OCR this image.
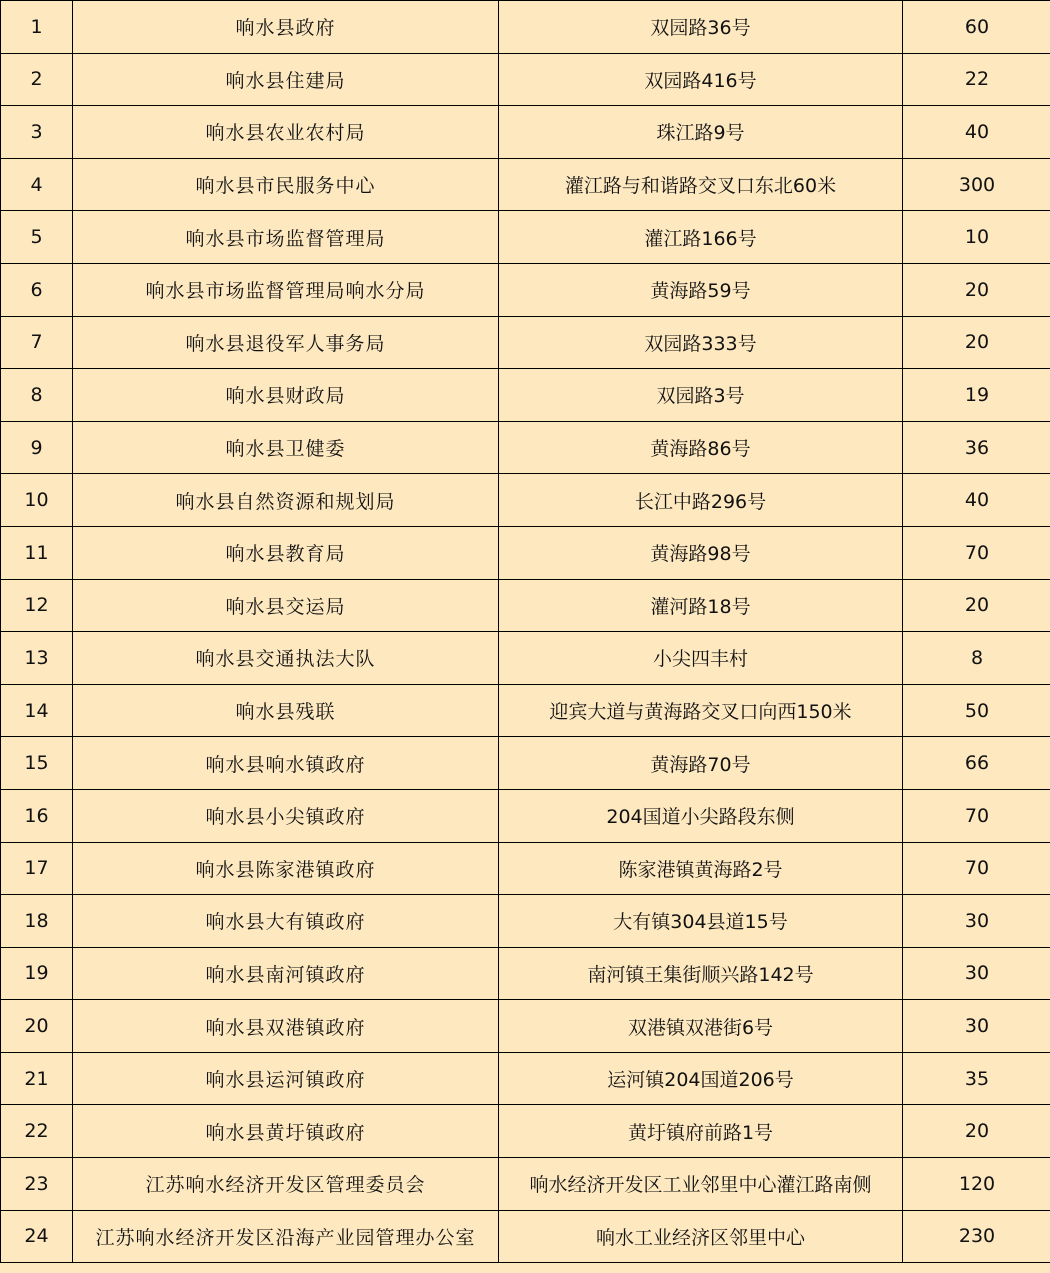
1	响水县政府	双园路36号	60
2	响水县住建局	双园路416号	22
3	响水县农业农村局	珠江路9号	40
4	响水县市民服务中心	灌江路与和谐路交叉口东北60米	300
5	响水县市场监督管理局	灌江路166号	10
6	响水县市场监督管理局响水分局	黄海路59号	20
7	响水县退役军人事务局	双园路333号	20
8	响水县财政局	双园路3号	19
9	响水县卫健委	黄海路86号	36
10	响水县自然资源和规划局	长江中路296号	40
11	响水县教育局	黄海路98号	70
12	响水县交运局	灌河路18号	20
13	响水县交通执法大队	小尖四丰村	8
14	响水县残联	迎宾大道与黄海路交叉口向西150米	50
15	响水县响水镇政府	黄海路70号	66
16	响水县小尖镇政府	204国道小尖路段东侧	70
17	响水县陈家港镇政府	陈家港镇黄海路2号	70
18	响水县大有镇政府	大有镇304县道15号	30
19	响水县南河镇政府	南河镇王集街顺兴路142号	30
20	响水县双港镇政府	双港镇双港街6号	30
21	响水县运河镇政府	运河镇204国道206号	35
22	响水县黄圩镇政府	黄圩镇府前路1号	20
23	江苏响水经济开发区管理委员会	响水经济开发区工业邻里中心灌江路南侧	120
24	江苏响水经济开发区沿海产业园管理办公室	响水工业经济区邻里中心	230
